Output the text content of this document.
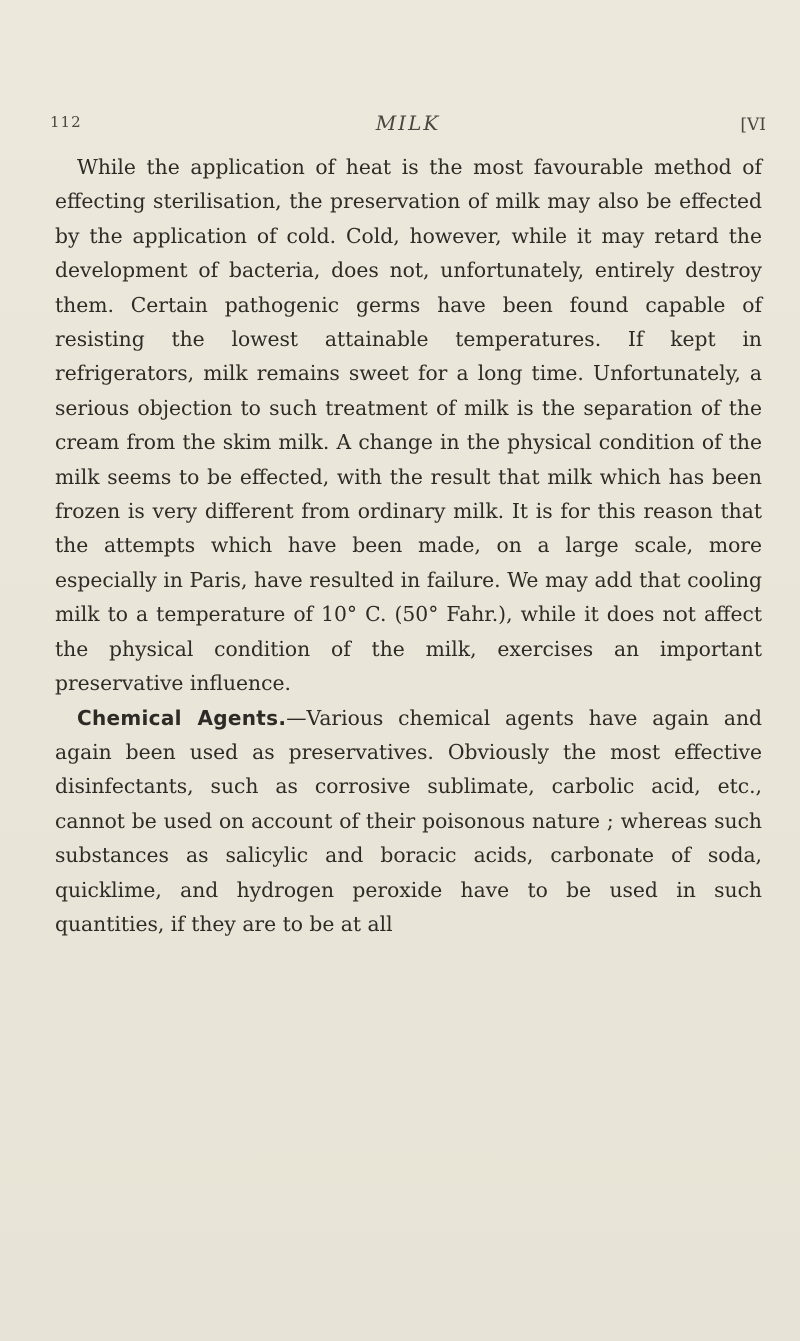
112	MILK	[VI

While the application of heat is the most favourable method of effecting sterilisation, the preservation of milk may also be effected by the application of cold. Cold, however, while it may retard the development of bacteria, does not, unfortunately, entirely destroy them. Certain pathogenic germs have been found capable of resisting the lowest attainable temperatures. If kept in refrigerators, milk remains sweet for a long time. Unfortunately, a serious objection to such treatment of milk is the separation of the cream from the skim milk. A change in the physical condition of the milk seems to be effected, with the result that milk which has been frozen is very different from ordinary milk. It is for this reason that the attempts which have been made, on a large scale, more especially in Paris, have resulted in failure. We may add that cooling milk to a temperature of 10° C. (50° Fahr.), while it does not affect the physical condition of the milk, exercises an important preservative influence.

Chemical Agents.—Various chemical agents have again and again been used as preservatives. Obviously the most effective disinfectants, such as corrosive sublimate, carbolic acid, etc., cannot be used on account of their poisonous nature ; whereas such substances as salicylic and boracic acids, carbonate of soda, quicklime, and hydrogen peroxide have to be used in such quantities, if they are to be at all
